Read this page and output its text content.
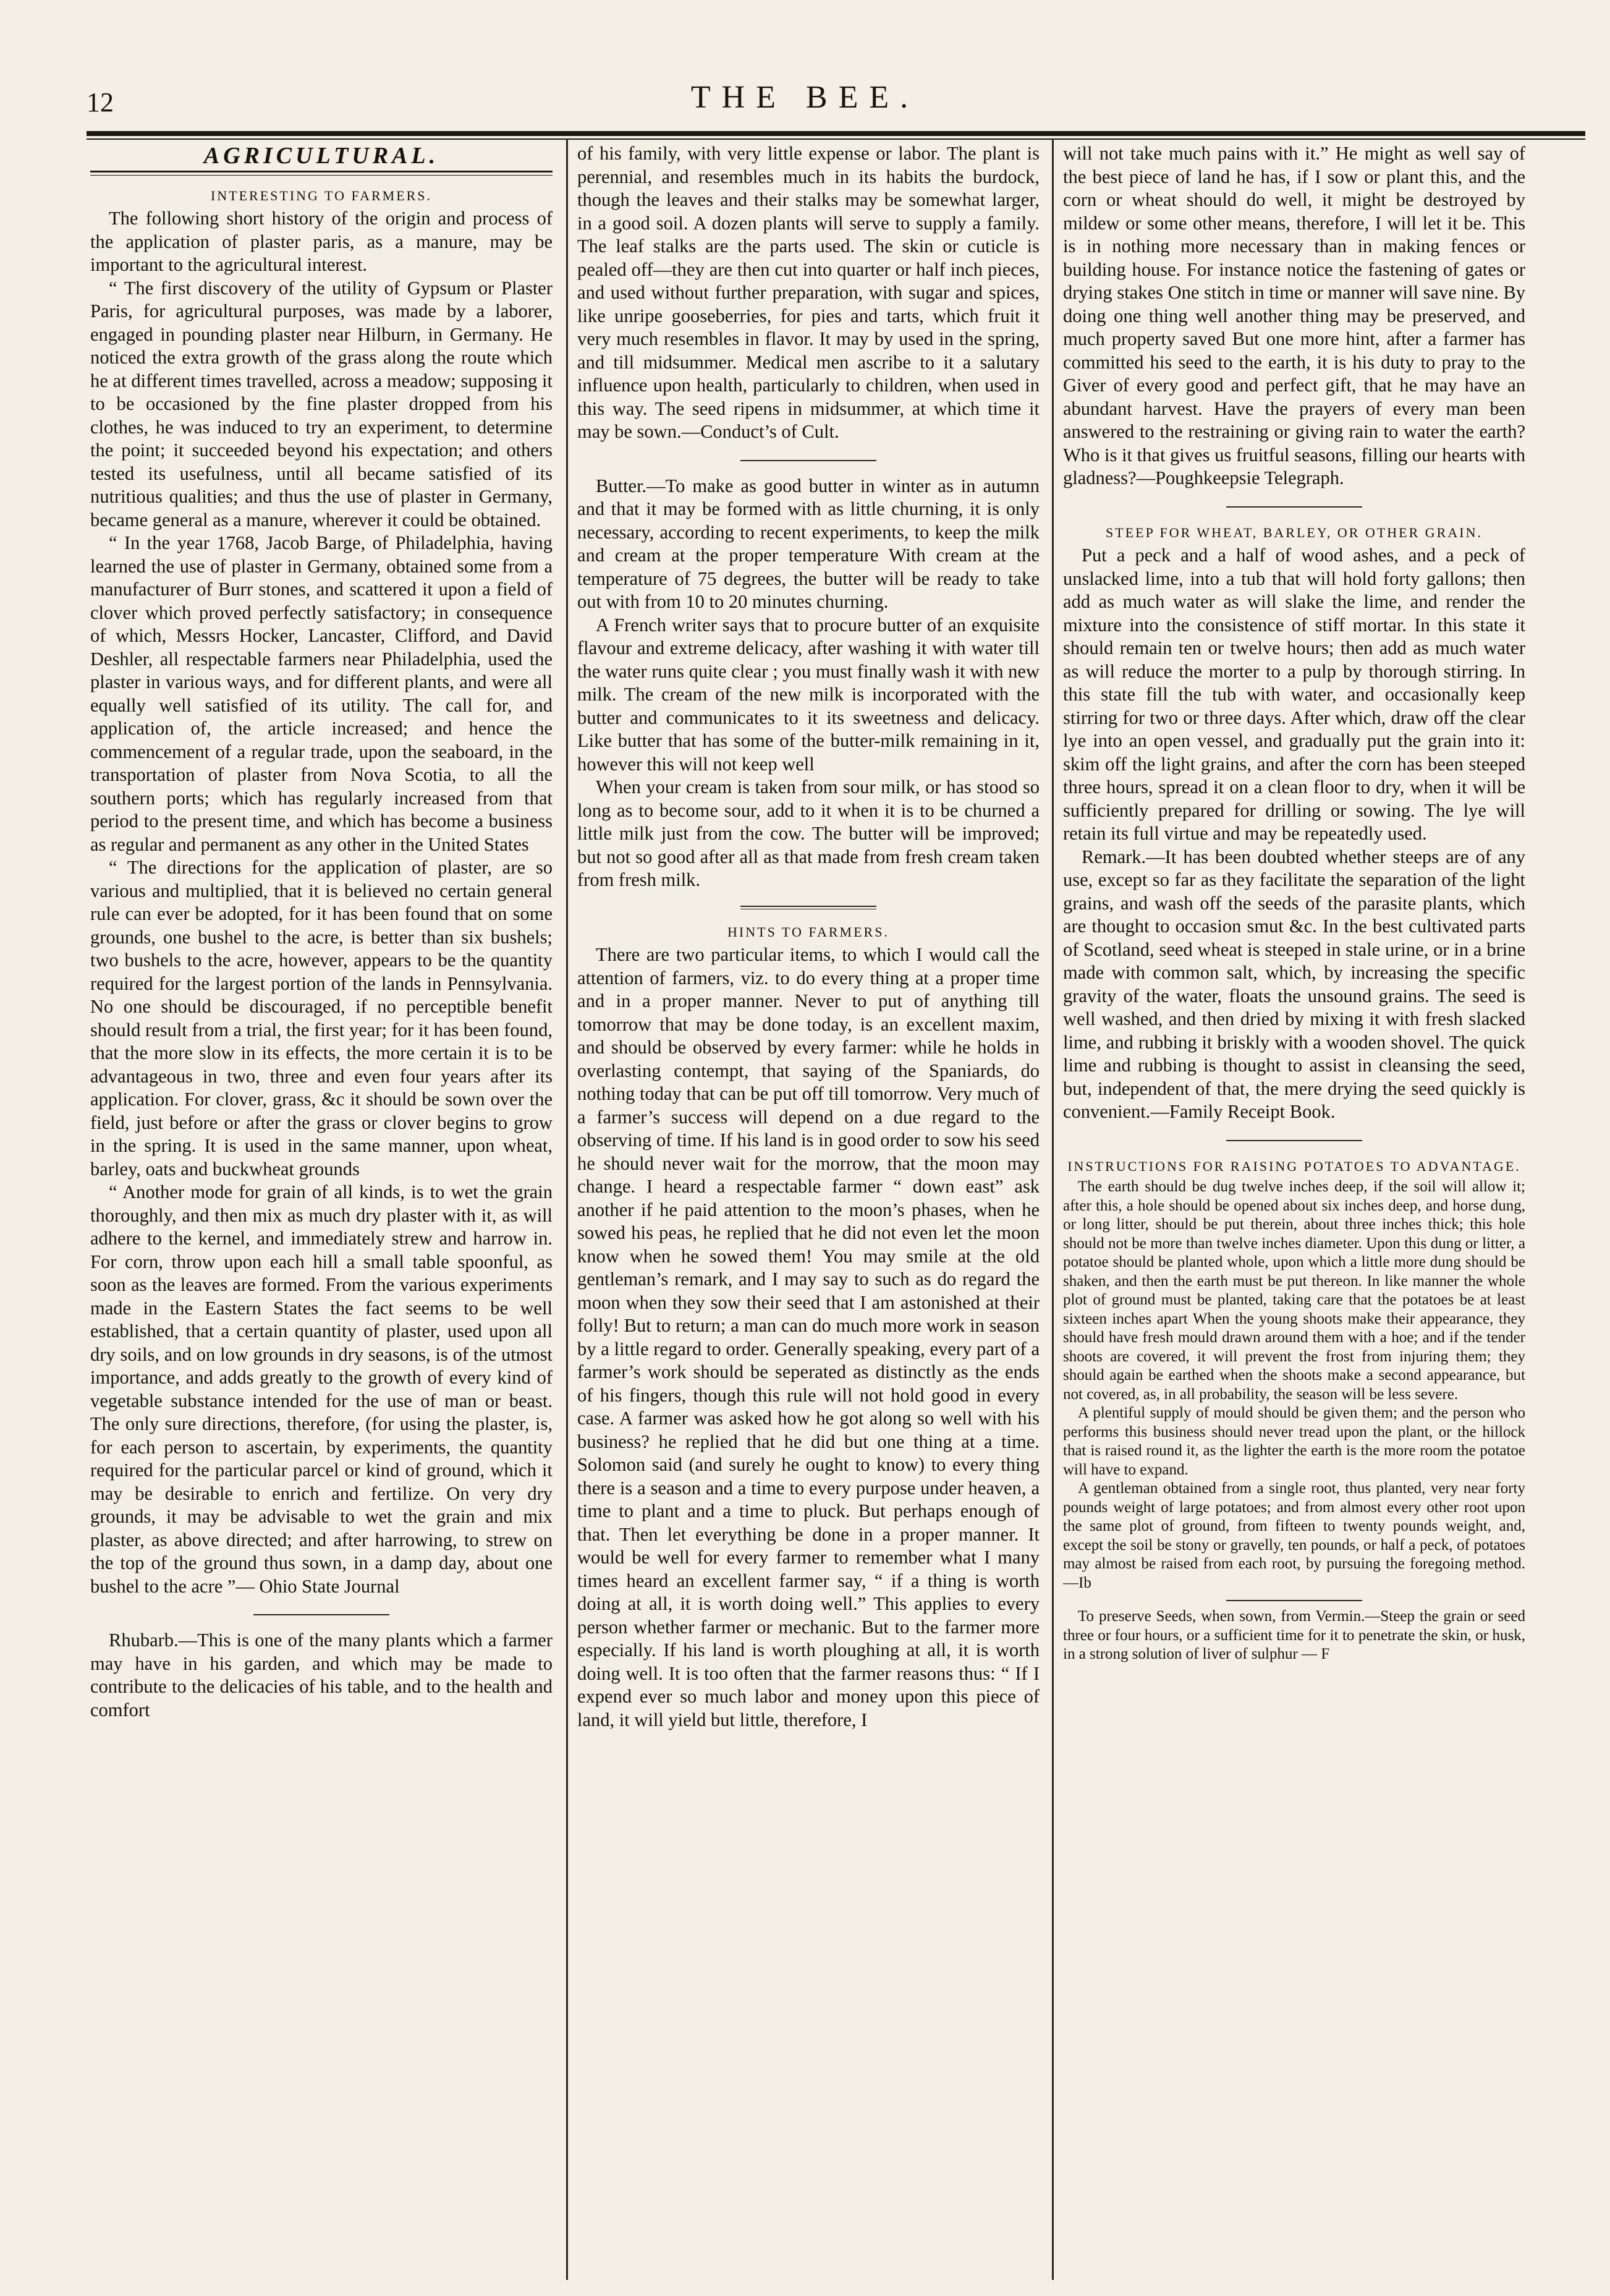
12	THE BEE.
AGRICULTURAL.

INTERESTING TO FARMERS.

The following short history of the origin and process of the application of plaster paris, as a manure, may be important to the agricultural interest.

“ The first discovery of the utility of Gypsum or Plaster Paris, for agricultural purposes, was made by a laborer, engaged in pounding plaster near Hilburn, in Germany. He noticed the extra growth of the grass along the route which he at different times travelled, across a meadow; supposing it to be occasioned by the fine plaster dropped from his clothes, he was induced to try an experiment, to determine the point; it succeeded beyond his expectation; and others tested its usefulness, until all became satisfied of its nutritious qualities; and thus the use of plaster in Germany, became general as a manure, wherever it could be obtained.

“ In the year 1768, Jacob Barge, of Philadelphia, having learned the use of plaster in Germany, obtained some from a manufacturer of Burr stones, and scattered it upon a field of clover which proved perfectly satisfactory; in consequence of which, Messrs Hocker, Lancaster, Clifford, and David Deshler, all respectable farmers near Philadelphia, used the plaster in various ways, and for different plants, and were all equally well satisfied of its utility. The call for, and application of, the article increased; and hence the commencement of a regular trade, upon the seaboard, in the transportation of plaster from Nova Scotia, to all the southern ports; which has regularly increased from that period to the present time, and which has become a business as regular and permanent as any other in the United States

“ The directions for the application of plaster, are so various and multiplied, that it is believed no certain general rule can ever be adopted, for it has been found that on some grounds, one bushel to the acre, is better than six bushels; two bushels to the acre, however, appears to be the quantity required for the largest portion of the lands in Pennsylvania. No one should be discouraged, if no perceptible benefit should result from a trial, the first year; for it has been found, that the more slow in its effects, the more certain it is to be advantageous in two, three and even four years after its application. For clover, grass, &c it should be sown over the field, just before or after the grass or clover begins to grow in the spring. It is used in the same manner, upon wheat, barley, oats and buckwheat grounds

“ Another mode for grain of all kinds, is to wet the grain thoroughly, and then mix as much dry plaster with it, as will adhere to the kernel, and immediately strew and harrow in. For corn, throw upon each hill a small table spoonful, as soon as the leaves are formed. From the various experiments made in the Eastern States the fact seems to be well established, that a certain quantity of plaster, used upon all dry soils, and on low grounds in dry seasons, is of the utmost importance, and adds greatly to the growth of every kind of vegetable substance intended for the use of man or beast. The only sure directions, therefore, (for using the plaster, is, for each person to ascertain, by experiments, the quantity required for the particular parcel or kind of ground, which it may be desirable to enrich and fertilize. On very dry grounds, it may be advisable to wet the grain and mix plaster, as above directed; and after harrowing, to strew on the top of the ground thus sown, in a damp day, about one bushel to the acre ”— Ohio State Journal

Rhubarb.—This is one of the many plants which a farmer may have in his garden, and which may be made to contribute to the delicacies of his table, and to the health and comfort

of his family, with very little expense or labor. The plant is perennial, and resembles much in its habits the burdock, though the leaves and their stalks may be somewhat larger, in a good soil. A dozen plants will serve to supply a family. The leaf stalks are the parts used. The skin or cuticle is pealed off—they are then cut into quarter or half inch pieces, and used without further preparation, with sugar and spices, like unripe gooseberries, for pies and tarts, which fruit it very much resembles in flavor. It may by used in the spring, and till midsummer. Medical men ascribe to it a salutary influence upon health, particularly to children, when used in this way. The seed ripens in midsummer, at which time it may be sown.—Conduct’s of Cult.

Butter.—To make as good butter in winter as in autumn and that it may be formed with as little churning, it is only necessary, according to recent experiments, to keep the milk and cream at the proper temperature With cream at the temperature of 75 degrees, the butter will be ready to take out with from 10 to 20 minutes churning.

A French writer says that to procure butter of an exquisite flavour and extreme delicacy, after washing it with water till the water runs quite clear ; you must finally wash it with new milk. The cream of the new milk is incorporated with the butter and communicates to it its sweetness and delicacy. Like butter that has some of the butter-milk remaining in it, however this will not keep well

When your cream is taken from sour milk, or has stood so long as to become sour, add to it when it is to be churned a little milk just from the cow. The butter will be improved; but not so good after all as that made from fresh cream taken from fresh milk.

HINTS TO FARMERS.

There are two particular items, to which I would call the attention of farmers, viz. to do every thing at a proper time and in a proper manner. Never to put of anything till tomorrow that may be done today, is an excellent maxim, and should be observed by every farmer: while he holds in overlasting contempt, that saying of the Spaniards, do nothing today that can be put off till tomorrow. Very much of a farmer’s success will depend on a due regard to the observing of time. If his land is in good order to sow his seed he should never wait for the morrow, that the moon may change. I heard a respectable farmer “ down east” ask another if he paid attention to the moon’s phases, when he sowed his peas, he replied that he did not even let the moon know when he sowed them! You may smile at the old gentleman’s remark, and I may say to such as do regard the moon when they sow their seed that I am astonished at their folly! But to return; a man can do much more work in season by a little regard to order. Generally speaking, every part of a farmer’s work should be seperated as distinctly as the ends of his fingers, though this rule will not hold good in every case. A farmer was asked how he got along so well with his business? he replied that he did but one thing at a time. Solomon said (and surely he ought to know) to every thing there is a season and a time to every purpose under heaven, a time to plant and a time to pluck. But perhaps enough of that. Then let everything be done in a proper manner. It would be well for every farmer to remember what I many times heard an excellent farmer say, “ if a thing is worth doing at all, it is worth doing well.” This applies to every person whether farmer or mechanic. But to the farmer more especially. If his land is worth ploughing at all, it is worth doing well. It is too often that the farmer reasons thus: “ If I expend ever so much labor and money upon this piece of land, it will yield but little, therefore, I

will not take much pains with it.” He might as well say of the best piece of land he has, if I sow or plant this, and the corn or wheat should do well, it might be destroyed by mildew or some other means, therefore, I will let it be. This is in nothing more necessary than in making fences or building house. For instance notice the fastening of gates or drying stakes One stitch in time or manner will save nine. By doing one thing well another thing may be preserved, and much property saved But one more hint, after a farmer has committed his seed to the earth, it is his duty to pray to the Giver of every good and perfect gift, that he may have an abundant harvest. Have the prayers of every man been answered to the restraining or giving rain to water the earth? Who is it that gives us fruitful seasons, filling our hearts with gladness?—Poughkeepsie Telegraph.

STEEP FOR WHEAT, BARLEY, OR OTHER GRAIN.

Put a peck and a half of wood ashes, and a peck of unslacked lime, into a tub that will hold forty gallons; then add as much water as will slake the lime, and render the mixture into the consistence of stiff mortar. In this state it should remain ten or twelve hours; then add as much water as will reduce the morter to a pulp by thorough stirring. In this state fill the tub with water, and occasionally keep stirring for two or three days. After which, draw off the clear lye into an open vessel, and gradually put the grain into it: skim off the light grains, and after the corn has been steeped three hours, spread it on a clean floor to dry, when it will be sufficiently prepared for drilling or sowing. The lye will retain its full virtue and may be repeatedly used.

Remark.—It has been doubted whether steeps are of any use, except so far as they facilitate the separation of the light grains, and wash off the seeds of the parasite plants, which are thought to occasion smut &c. In the best cultivated parts of Scotland, seed wheat is steeped in stale urine, or in a brine made with common salt, which, by increasing the specific gravity of the water, floats the unsound grains. The seed is well washed, and then dried by mixing it with fresh slacked lime, and rubbing it briskly with a wooden shovel. The quick lime and rubbing is thought to assist in cleansing the seed, but, independent of that, the mere drying the seed quickly is convenient.—Family Receipt Book.

INSTRUCTIONS FOR RAISING POTATOES TO ADVANTAGE.

The earth should be dug twelve inches deep, if the soil will allow it; after this, a hole should be opened about six inches deep, and horse dung, or long litter, should be put therein, about three inches thick; this hole should not be more than twelve inches diameter. Upon this dung or litter, a potatoe should be planted whole, upon which a little more dung should be shaken, and then the earth must be put thereon. In like manner the whole plot of ground must be planted, taking care that the potatoes be at least sixteen inches apart When the young shoots make their appearance, they should have fresh mould drawn around them with a hoe; and if the tender shoots are covered, it will prevent the frost from injuring them; they should again be earthed when the shoots make a second appearance, but not covered, as, in all probability, the season will be less severe.

A plentiful supply of mould should be given them; and the person who performs this business should never tread upon the plant, or the hillock that is raised round it, as the lighter the earth is the more room the potatoe will have to expand.

A gentleman obtained from a single root, thus planted, very near forty pounds weight of large potatoes; and from almost every other root upon the same plot of ground, from fifteen to twenty pounds weight, and, except the soil be stony or gravelly, ten pounds, or half a peck, of potatoes may almost be raised from each root, by pursuing the foregoing method.—Ib

To preserve Seeds, when sown, from Vermin.—Steep the grain or seed three or four hours, or a sufficient time for it to penetrate the skin, or husk, in a strong solution of liver of sulphur — F
